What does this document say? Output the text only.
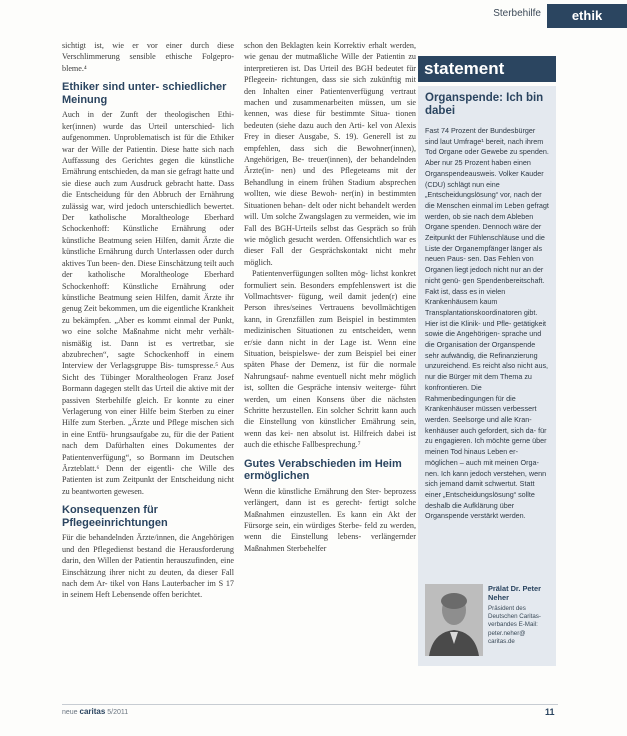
Sterbehilfe	ethik
sichtigt ist, wie er vor einer durch diese Verschlimmerung sensible ethische Folgepro- bleme.⁴
Ethiker sind unter- schiedlicher Meinung
Auch in der Zunft der theologischen Ethi- ker(innen) wurde das Urteil unterschied- lich aufgenommen. Unproblematisch ist für die Ethiker war der Wille der Patientin. Diese hatte sich nach Auffassung des Gerichtes gegen die künstliche Ernährung entschieden, da man sie gefragt hatte und sie diese auch zum Ausdruck gebracht hatte. Dass die Entscheidung für den Abbruch der Ernährung zulässig war, wird jedoch unterschiedlich bewertet. Der katholische Moraltheologe Eberhard Schockenhoff: Künstliche Ernährung oder künstliche Beatmung seien Hilfen, damit Ärzte die künstliche Ernährung durch Unterlassen oder durch aktives Tun been- den. Diese Einschätzung teilt auch der katholische Moraltheologe Eberhard Schockenhoff: Künstliche Ernährung oder künstliche Beatmung seien Hilfen, damit Ärzte ihr genug Zeit bekommen, um die eigentliche Krankheit zu bekämpfen. „Aber es kommt einmal der Punkt, wo eine solche Maßnahme nicht mehr verhält- nismäßig ist. Dann ist es vertretbar, sie abzubrechen“, sagte Schockenhoff in einem Interview der Verlagsgruppe Bis- tumspresse.⁵ Aus Sicht des Tübinger Moraltheologen Franz Josef Bormann dagegen stellt das Urteil die aktive mit der passiven Sterbehilfe gleich. Er konnte zu einer Verlagerung von einer Hilfe beim Sterben zu einer Hilfe zum Sterben. „Ärzte und Pflege mischen sich in eine Entfü- hrungsaufgabe zu, für die der Patient nach dem Dafürhalten eines Dokumentes der Patientenverfügung“, so Bormann im Deutschen Ärzteblatt.⁶ Denn der eigentli- che Wille des Patienten ist zum Zeitpunkt der Entscheidung nicht zu beantworten gewesen.
Konsequenzen für Pflegeeinrichtungen
Für die behandelnden Ärzte/innen, die Angehörigen und den Pflegedienst bestand die Herausforderung darin, den Willen der Patientin herauszufinden, eine Einschätzung ihrer nicht zu deuten, da dieser Fall nach dem Ar- tikel von Hans Lauterbacher im S 17 in seinem Heft Lebensende offen berichtet.
schon den Beklagten kein Korrektiv erhalt werden, wie genau der mutmaßliche Wille der Patientin zu interpretieren ist. Das Urteil des BGH bedeutet für Pflegeein- richtungen, dass sie sich zukünftig mit den Inhalten einer Patientenverfügung vertraut machen und zusammenarbeiten müssen, um sie kennen, was diese für bestimmte Situa- tionen bedeuten (siehe dazu auch den Arti- kel von Alexis Frey in dieser Ausgabe, S. 19). Generell ist zu empfehlen, dass sich die Bewohner(innen), Angehörigen, Be- treuer(innen), der behandelnden Ärzte(in- nen) und des Pflegeteams mit der Behandlung in einem frühen Stadium absprechen wollten, wie diese Bewoh- ner(in) in bestimmten Situationen behan- delt oder nicht behandelt werden will. Um solche Zwangslagen zu vermeiden, wie im Fall des BGH-Urteils selbst das Gespräch so früh wie möglich gesucht werden. Offensichtlich war es dieser Fall der Gesprächskontakt nicht mehr möglich.
Patientenverfügungen sollten mög- lichst konkret formuliert sein. Besonders empfehlenswert ist die Vollmachtsver- fügung, weil damit jeden(r) eine Person ihres/seines Vertrauens bevollmächtigen kann, in Grenzfällen zum Beispiel in bestimmten medizinischen Situationen zu entscheiden, wenn er/sie dann nicht in der Lage ist. Wenn eine Situation, beispielswe- der zum Beispiel bei einer späten Phase der Demenz, ist für die normale Nahrungsauf- nahme eventuell nicht mehr möglich ist, sollten die Gespräche intensiv weiterge- führt werden, um einen Konsens über die nächsten Schritte herzustellen. Ein solcher Schritt kann auch die Einstellung von künstlicher Ernährung sein, wenn das kei- nen absolut ist. Hilfreich dabei ist auch die ethische Fallbesprechung.⁷
Gutes Verabschieden im Heim ermöglichen
Wenn die künstliche Ernährung den Ster- beprozess verlängert, dann ist es gerecht- fertigt solche Maßnahmen einzustellen. Es kann ein Akt der Fürsorge sein, ein würdiges Sterbe- feld zu werden, wenn die Einstellung lebens- verlängernder Maßnahmen Sterbehelfer
statement
Organspende: Ich bin dabei
Fast 74 Prozent der Bundesbürger sind laut Umfrage¹ bereit, nach ihrem Tod Organe oder Gewebe zu spenden. Aber nur 25 Prozent haben einen Organspendeausweis. Volker Kauder (CDU) schlägt nun eine „Entscheidungslösung“ vor, nach der die Menschen einmal im Leben gefragt werden, ob sie nach dem Ableben Organe spenden. Dennoch wäre der Zeitpunkt der Fühlenschläuse und die Liste der Organempfänger länger als neuen Paus- sen. Das Fehlen von Organen liegt jedoch nicht nur an der nicht genü- gen Spendenbereitschaft. Fakt ist, dass es in vielen Krankenhäusern kaum Transplantationskoordinatoren gibt. Hier ist die Klinik- und Pfle- getätigkeit sowie die Angehörigen- sprache und die Organisation der Organspende sehr aufwändig, die Refinanzierung unzureichend. Es reicht also nicht aus, nur die Bürger mit dem Thema zu konfrontieren. Die Rahmenbedingungen für die Krankenhäuser müssen verbessert werden. Seelsorge und alle Kran- kenhäuser auch gefordert, sich da- für zu engagieren. Ich möchte gerne über meinen Tod hinaus Leben er- möglichen – auch mit meinen Orga- nen. Ich kann jedoch verstehen, wenn sich jemand damit schwertut. Statt einer „Entscheidungslösung“ sollte deshalb die Aufklärung über Organspende verstärkt werden.
Prälat Dr. Peter Neher
Präsident des Deutschen Caritas- verbandes E-Mail: peter.neher@ caritas.de
neue caritas 5/2011	11
